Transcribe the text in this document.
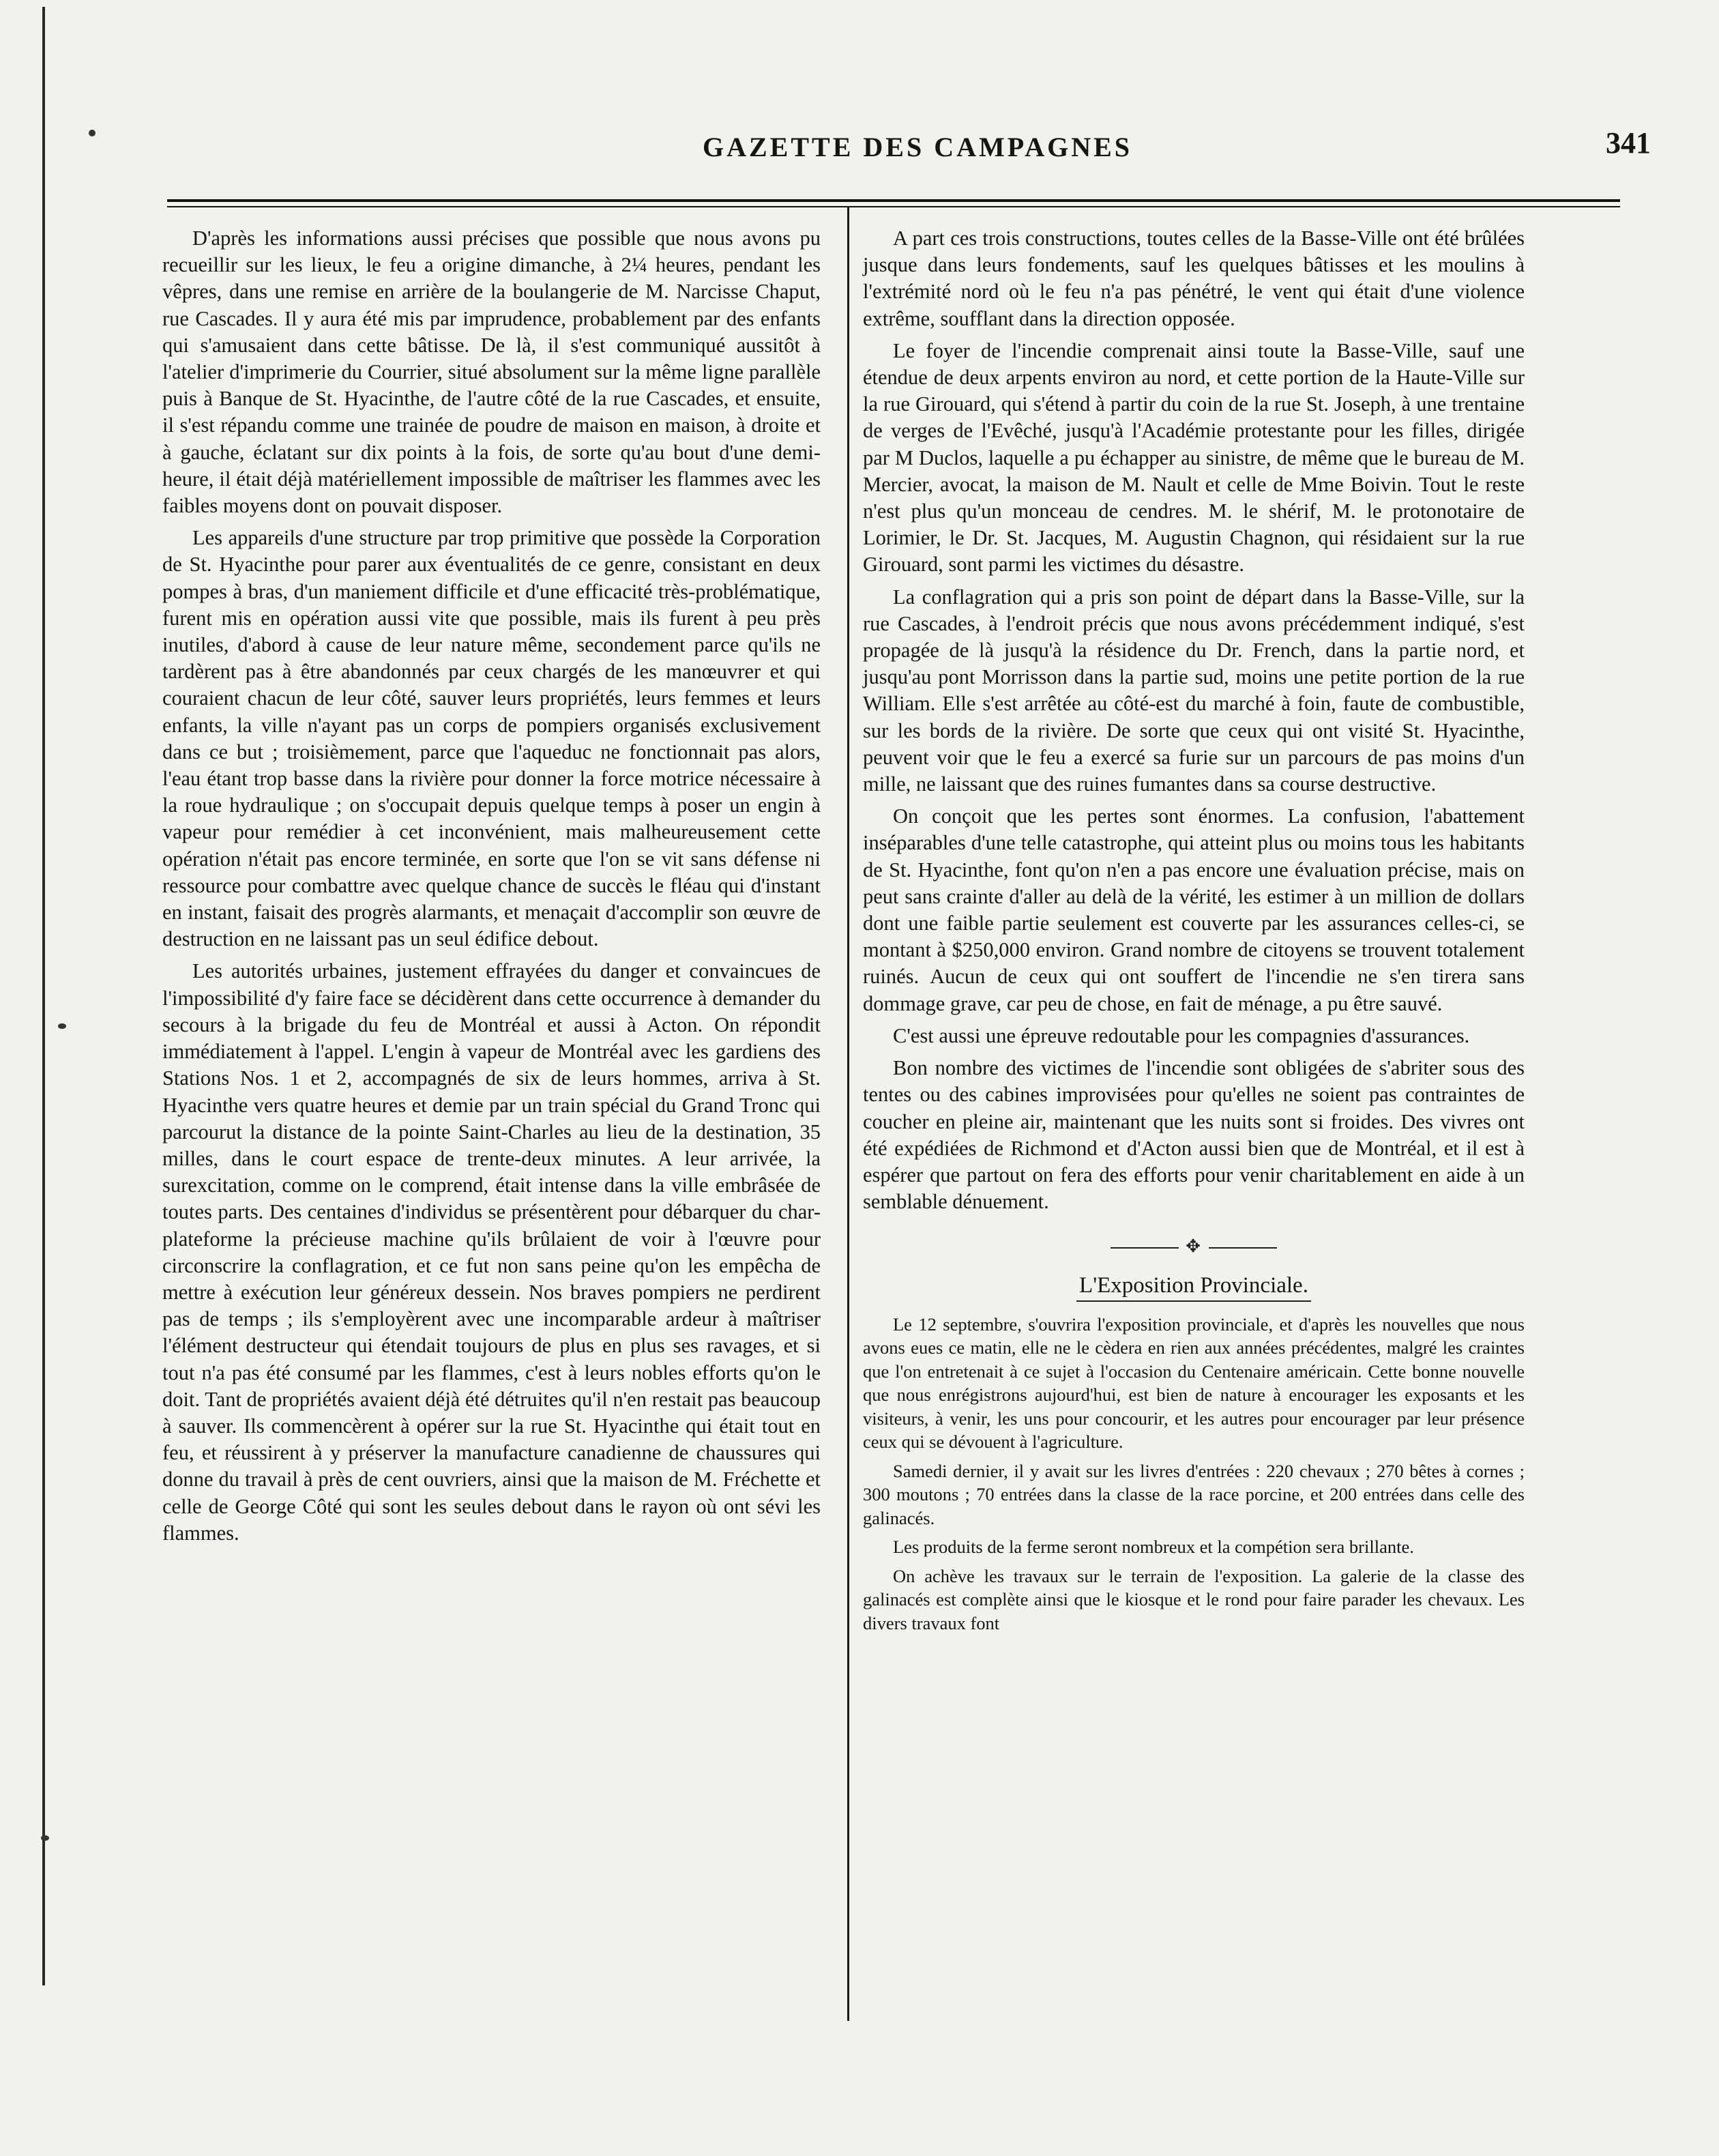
GAZETTE DES CAMPAGNES	341

D'après les informations aussi précises que possible que nous avons pu recueillir sur les lieux, le feu a origine dimanche, à 2¼ heures, pendant les vêpres, dans une remise en arrière de la boulangerie de M. Narcisse Chaput, rue Cascades. Il y aura été mis par imprudence, probablement par des enfants qui s'amusaient dans cette bâtisse. De là, il s'est communiqué aussitôt à l'atelier d'imprimerie du Courrier, situé absolument sur la même ligne parallèle puis à Banque de St. Hyacinthe, de l'autre côté de la rue Cascades, et ensuite, il s'est répandu comme une trainée de poudre de maison en maison, à droite et à gauche, éclatant sur dix points à la fois, de sorte qu'au bout d'une demi-heure, il était déjà matériellement impossible de maîtriser les flammes avec les faibles moyens dont on pouvait disposer.

Les appareils d'une structure par trop primitive que possède la Corporation de St. Hyacinthe pour parer aux éventualités de ce genre, consistant en deux pompes à bras, d'un maniement difficile et d'une efficacité très-problématique, furent mis en opération aussi vite que possible, mais ils furent à peu près inutiles, d'abord à cause de leur nature même, secondement parce qu'ils ne tardèrent pas à être abandonnés par ceux chargés de les manœuvrer et qui couraient chacun de leur côté, sauver leurs propriétés, leurs femmes et leurs enfants, la ville n'ayant pas un corps de pompiers organisés exclusivement dans ce but ; troisièmement, parce que l'aqueduc ne fonctionnait pas alors, l'eau étant trop basse dans la rivière pour donner la force motrice nécessaire à la roue hydraulique ; on s'occupait depuis quelque temps à poser un engin à vapeur pour remédier à cet inconvénient, mais malheureusement cette opération n'était pas encore terminée, en sorte que l'on se vit sans défense ni ressource pour combattre avec quelque chance de succès le fléau qui d'instant en instant, faisait des progrès alarmants, et menaçait d'accomplir son œuvre de destruction en ne laissant pas un seul édifice debout.

Les autorités urbaines, justement effrayées du danger et convaincues de l'impossibilité d'y faire face se décidèrent dans cette occurrence à demander du secours à la brigade du feu de Montréal et aussi à Acton. On répondit immédiatement à l'appel. L'engin à vapeur de Montréal avec les gardiens des Stations Nos. 1 et 2, accompagnés de six de leurs hommes, arriva à St. Hyacinthe vers quatre heures et demie par un train spécial du Grand Tronc qui parcourut la distance de la pointe Saint-Charles au lieu de la destination, 35 milles, dans le court espace de trente-deux minutes. A leur arrivée, la surexcitation, comme on le comprend, était intense dans la ville embrâsée de toutes parts. Des centaines d'individus se présentèrent pour débarquer du char-plateforme la précieuse machine qu'ils brûlaient de voir à l'œuvre pour circonscrire la conflagration, et ce fut non sans peine qu'on les empêcha de mettre à exécution leur généreux dessein. Nos braves pompiers ne perdirent pas de temps ; ils s'employèrent avec une incomparable ardeur à maîtriser l'élément destructeur qui étendait toujours de plus en plus ses ravages, et si tout n'a pas été consumé par les flammes, c'est à leurs nobles efforts qu'on le doit. Tant de propriétés avaient déjà été détruites qu'il n'en restait pas beaucoup à sauver. Ils commencèrent à opérer sur la rue St. Hyacinthe qui était tout en feu, et réussirent à y préserver la manufacture canadienne de chaussures qui donne du travail à près de cent ouvriers, ainsi que la maison de M. Fréchette et celle de George Côté qui sont les seules debout dans le rayon où ont sévi les flammes.

A part ces trois constructions, toutes celles de la Basse-Ville ont été brûlées jusque dans leurs fondements, sauf les quelques bâtisses et les moulins à l'extrémité nord où le feu n'a pas pénétré, le vent qui était d'une violence extrême, soufflant dans la direction opposée.

Le foyer de l'incendie comprenait ainsi toute la Basse-Ville, sauf une étendue de deux arpents environ au nord, et cette portion de la Haute-Ville sur la rue Girouard, qui s'étend à partir du coin de la rue St. Joseph, à une trentaine de verges de l'Evêché, jusqu'à l'Académie protestante pour les filles, dirigée par M Duclos, laquelle a pu échapper au sinistre, de même que le bureau de M. Mercier, avocat, la maison de M. Nault et celle de Mme Boivin. Tout le reste n'est plus qu'un monceau de cendres. M. le shérif, M. le protonotaire de Lorimier, le Dr. St. Jacques, M. Augustin Chagnon, qui résidaient sur la rue Girouard, sont parmi les victimes du désastre.

La conflagration qui a pris son point de départ dans la Basse-Ville, sur la rue Cascades, à l'endroit précis que nous avons précédemment indiqué, s'est propagée de là jusqu'à la résidence du Dr. French, dans la partie nord, et jusqu'au pont Morrisson dans la partie sud, moins une petite portion de la rue William. Elle s'est arrêtée au côté-est du marché à foin, faute de combustible, sur les bords de la rivière. De sorte que ceux qui ont visité St. Hyacinthe, peuvent voir que le feu a exercé sa furie sur un parcours de pas moins d'un mille, ne laissant que des ruines fumantes dans sa course destructive.

On conçoit que les pertes sont énormes. La confusion, l'abattement inséparables d'une telle catastrophe, qui atteint plus ou moins tous les habitants de St. Hyacinthe, font qu'on n'en a pas encore une évaluation précise, mais on peut sans crainte d'aller au delà de la vérité, les estimer à un million de dollars dont une faible partie seulement est couverte par les assurances celles-ci, se montant à $250,000 environ. Grand nombre de citoyens se trouvent totalement ruinés. Aucun de ceux qui ont souffert de l'incendie ne s'en tirera sans dommage grave, car peu de chose, en fait de ménage, a pu être sauvé.

C'est aussi une épreuve redoutable pour les compagnies d'assurances.

Bon nombre des victimes de l'incendie sont obligées de s'abriter sous des tentes ou des cabines improvisées pour qu'elles ne soient pas contraintes de coucher en pleine air, maintenant que les nuits sont si froides. Des vivres ont été expédiées de Richmond et d'Acton aussi bien que de Montréal, et il est à espérer que partout on fera des efforts pour venir charitablement en aide à un semblable dénuement.

✥
L'Exposition Provinciale.

Le 12 septembre, s'ouvrira l'exposition provinciale, et d'après les nouvelles que nous avons eues ce matin, elle ne le cèdera en rien aux années précédentes, malgré les craintes que l'on entretenait à ce sujet à l'occasion du Centenaire américain. Cette bonne nouvelle que nous enrégistrons aujourd'hui, est bien de nature à encourager les exposants et les visiteurs, à venir, les uns pour concourir, et les autres pour encourager par leur présence ceux qui se dévouent à l'agriculture.

Samedi dernier, il y avait sur les livres d'entrées : 220 chevaux ; 270 bêtes à cornes ; 300 moutons ; 70 entrées dans la classe de la race porcine, et 200 entrées dans celle des galinacés.

Les produits de la ferme seront nombreux et la compétion sera brillante.

On achève les travaux sur le terrain de l'exposition. La galerie de la classe des galinacés est complète ainsi que le kiosque et le rond pour faire parader les chevaux. Les divers travaux font
